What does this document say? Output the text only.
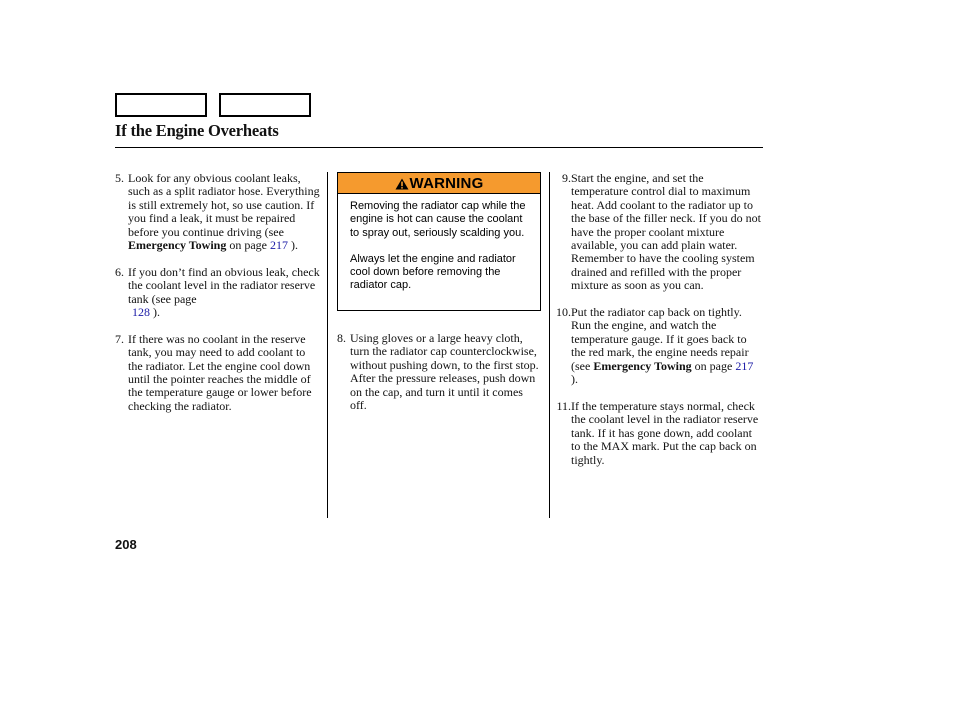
If the Engine Overheats
5. Look for any obvious coolant leaks, such as a split radiator hose. Everything is still extremely hot, so use caution. If you find a leak, it must be repaired before you continue driving (see Emergency Towing on page 217 ).
6. If you don’t find an obvious leak, check the coolant level in the radiator reserve tank (see page
128 ).
7. If there was no coolant in the reserve tank, you may need to add coolant to the radiator. Let the engine cool down until the pointer reaches the middle of the temperature gauge or lower before checking the radiator.
WARNING

Removing the radiator cap while the engine is hot can cause the coolant to spray out, seriously scalding you.

Always let the engine and radiator cool down before removing the radiator cap.

8. Using gloves or a large heavy cloth, turn the radiator cap counterclockwise, without pushing down, to the first stop. After the pressure releases, push down on the cap, and turn it until it comes off.
9. Start the engine, and set the temperature control dial to maximum heat. Add coolant to the radiator up to the base of the filler neck. If you do not have the proper coolant mixture available, you can add plain water. Remember to have the cooling system drained and refilled with the proper mixture as soon as you can.
10. Put the radiator cap back on tightly. Run the engine, and watch the temperature gauge. If it goes back to the red mark, the engine needs repair (see Emergency Towing on page 217 ).
11. If the temperature stays normal, check the coolant level in the radiator reserve tank. If it has gone down, add coolant to the MAX mark. Put the cap back on tightly.
208
